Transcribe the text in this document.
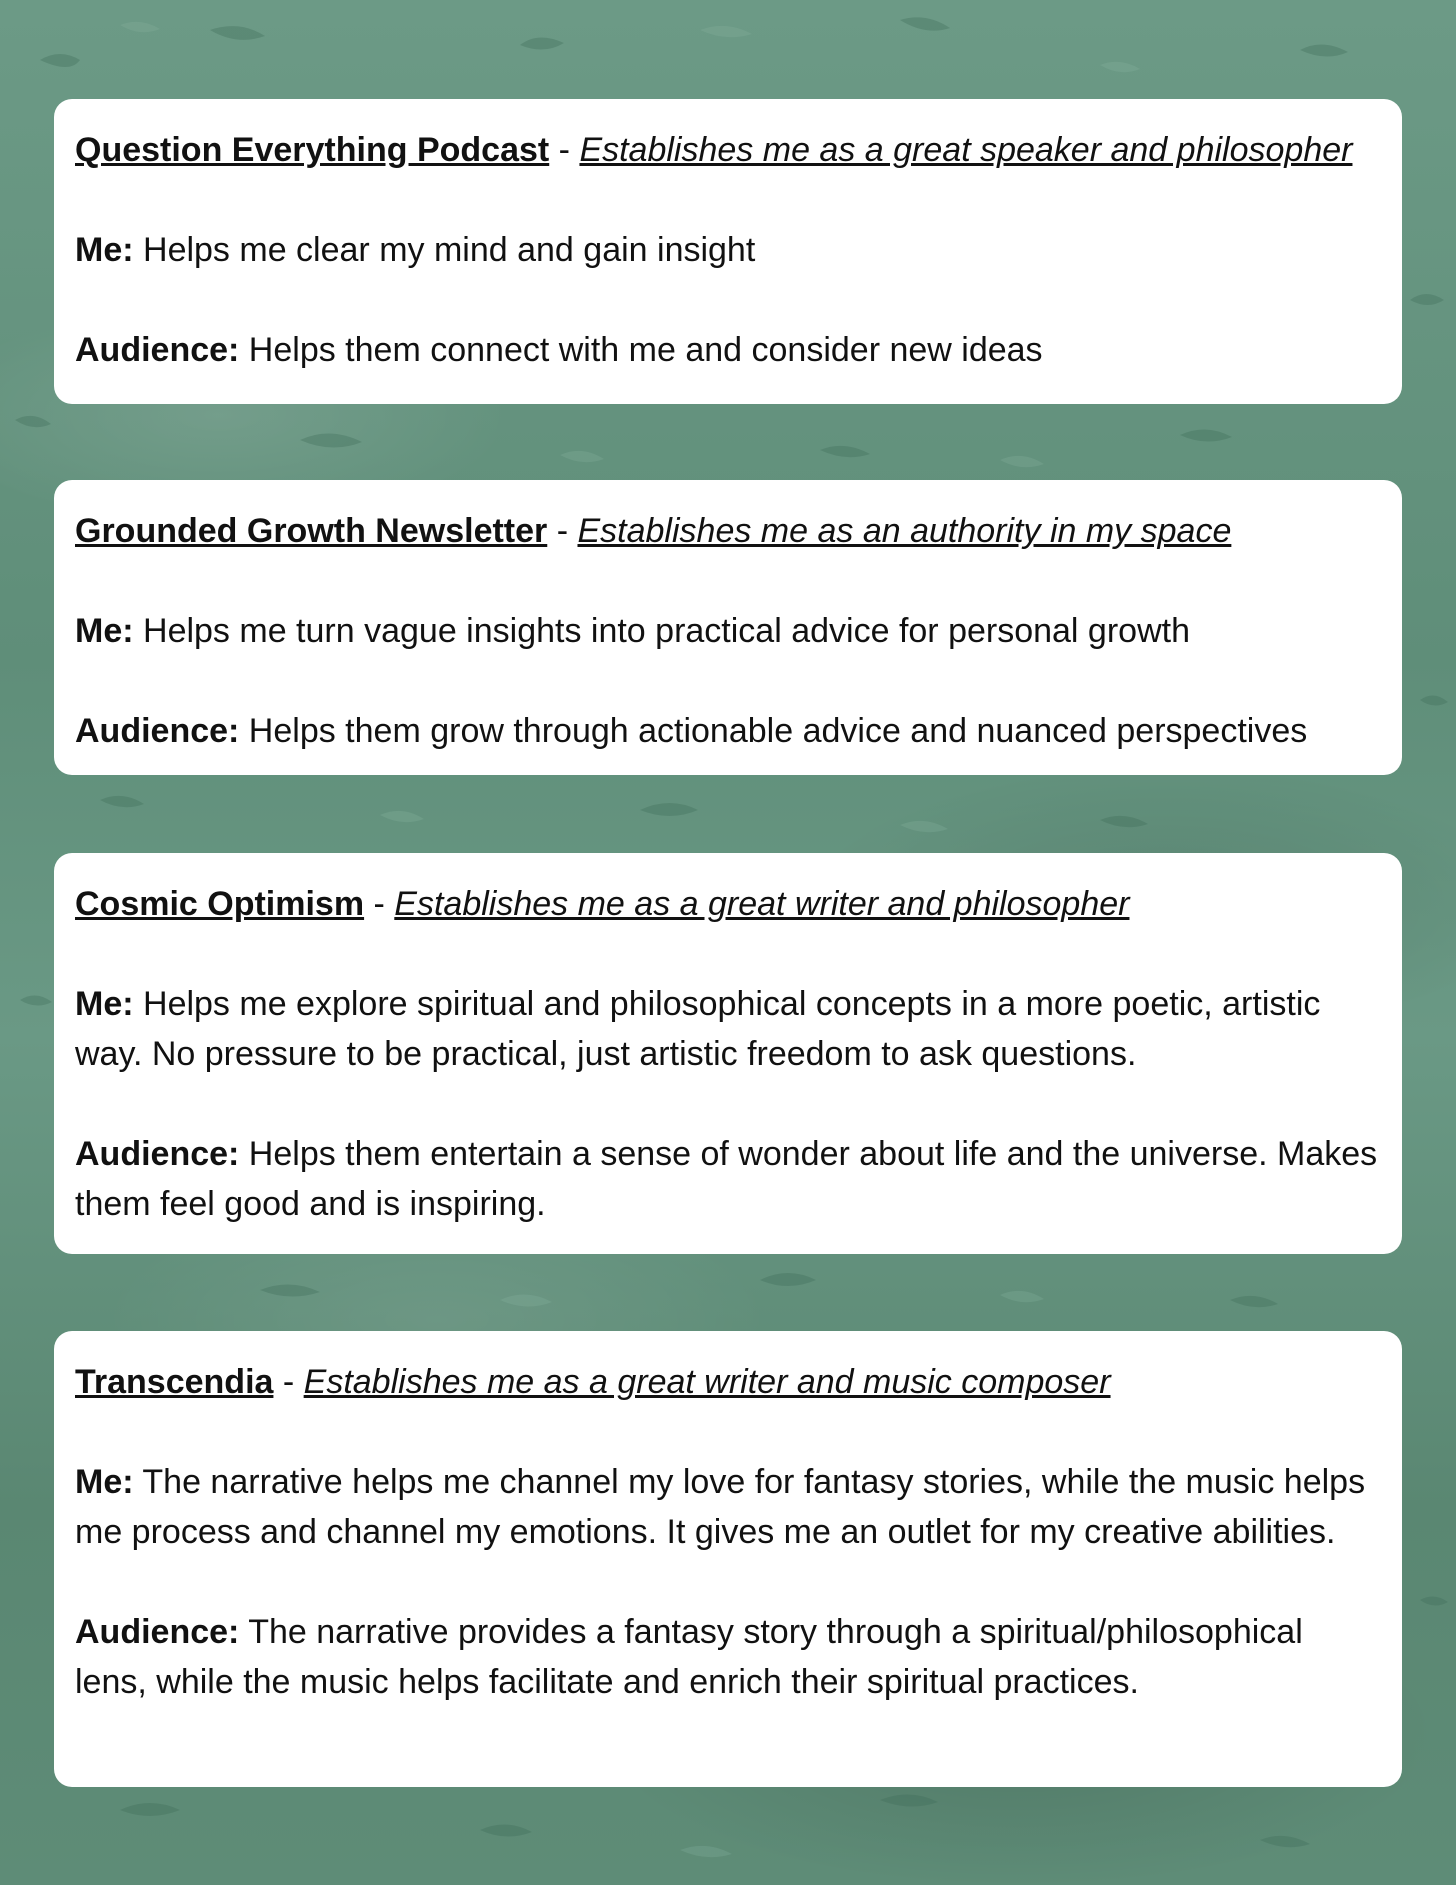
Question Everything Podcast - Establishes me as a great speaker and philosopher

Me: Helps me clear my mind and gain insight

Audience: Helps them connect with me and consider new ideas

Grounded Growth Newsletter - Establishes me as an authority in my space

Me: Helps me turn vague insights into practical advice for personal growth

Audience: Helps them grow through actionable advice and nuanced perspectives

Cosmic Optimism - Establishes me as a great writer and philosopher

Me: Helps me explore spiritual and philosophical concepts in a more poetic, artistic way. No pressure to be practical, just artistic freedom to ask questions.

Audience: Helps them entertain a sense of wonder about life and the universe. Makes them feel good and is inspiring.

Transcendia - Establishes me as a great writer and music composer

Me: The narrative helps me channel my love for fantasy stories, while the music helps me process and channel my emotions. It gives me an outlet for my creative abilities.

Audience: The narrative provides a fantasy story through a spiritual/philosophical lens, while the music helps facilitate and enrich their spiritual practices.
